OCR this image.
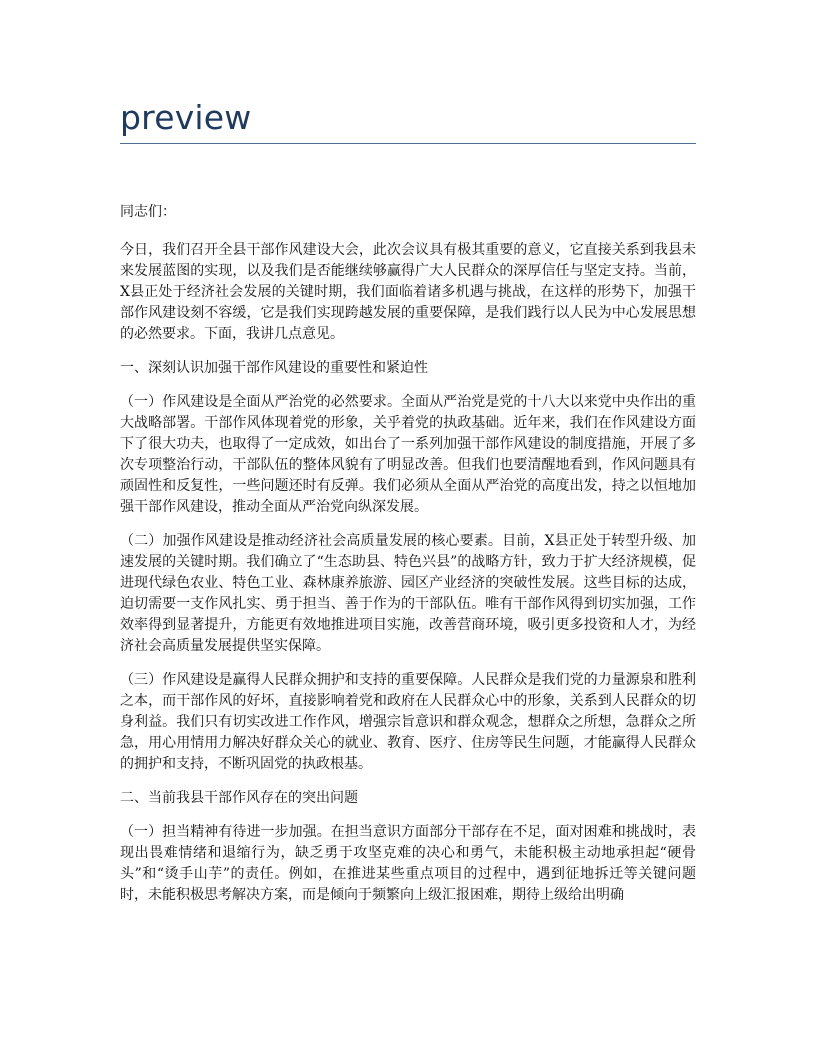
preview

同志们：

今日，我们召开全县干部作风建设大会，此次会议具有极其重要的意义，它直接关系到我县未来发展蓝图的实现，以及我们是否能继续够赢得广大人民群众的深厚信任与坚定支持。当前，X县正处于经济社会发展的关键时期，我们面临着诸多机遇与挑战，在这样的形势下，加强干部作风建设刻不容缓，它是我们实现跨越发展的重要保障，是我们践行以人民为中心发展思想的必然要求。下面，我讲几点意见。

一、深刻认识加强干部作风建设的重要性和紧迫性

（一）作风建设是全面从严治党的必然要求。全面从严治党是党的十八大以来党中央作出的重大战略部署。干部作风体现着党的形象，关乎着党的执政基础。近年来，我们在作风建设方面下了很大功夫，也取得了一定成效，如出台了一系列加强干部作风建设的制度措施，开展了多次专项整治行动，干部队伍的整体风貌有了明显改善。但我们也要清醒地看到，作风问题具有顽固性和反复性，一些问题还时有反弹。我们必须从全面从严治党的高度出发，持之以恒地加强干部作风建设，推动全面从严治党向纵深发展。

（二）加强作风建设是推动经济社会高质量发展的核心要素。目前，X县正处于转型升级、加速发展的关键时期。我们确立了“生态助县、特色兴县”的战略方针，致力于扩大经济规模，促进现代绿色农业、特色工业、森林康养旅游、园区产业经济的突破性发展。这些目标的达成，迫切需要一支作风扎实、勇于担当、善于作为的干部队伍。唯有干部作风得到切实加强，工作效率得到显著提升，方能更有效地推进项目实施，改善营商环境，吸引更多投资和人才，为经济社会高质量发展提供坚实保障。

（三）作风建设是赢得人民群众拥护和支持的重要保障。人民群众是我们党的力量源泉和胜利之本，而干部作风的好坏，直接影响着党和政府在人民群众心中的形象，关系到人民群众的切身利益。我们只有切实改进工作作风，增强宗旨意识和群众观念，想群众之所想，急群众之所急，用心用情用力解决好群众关心的就业、教育、医疗、住房等民生问题，才能赢得人民群众的拥护和支持，不断巩固党的执政根基。

二、当前我县干部作风存在的突出问题

（一）担当精神有待进一步加强。在担当意识方面部分干部存在不足，面对困难和挑战时，表现出畏难情绪和退缩行为，缺乏勇于攻坚克难的决心和勇气，未能积极主动地承担起“硬骨头”和“烫手山芋”的责任。例如，在推进某些重点项目的过程中，遇到征地拆迁等关键问题时，未能积极思考解决方案，而是倾向于频繁向上级汇报困难，期待上级给出明确
